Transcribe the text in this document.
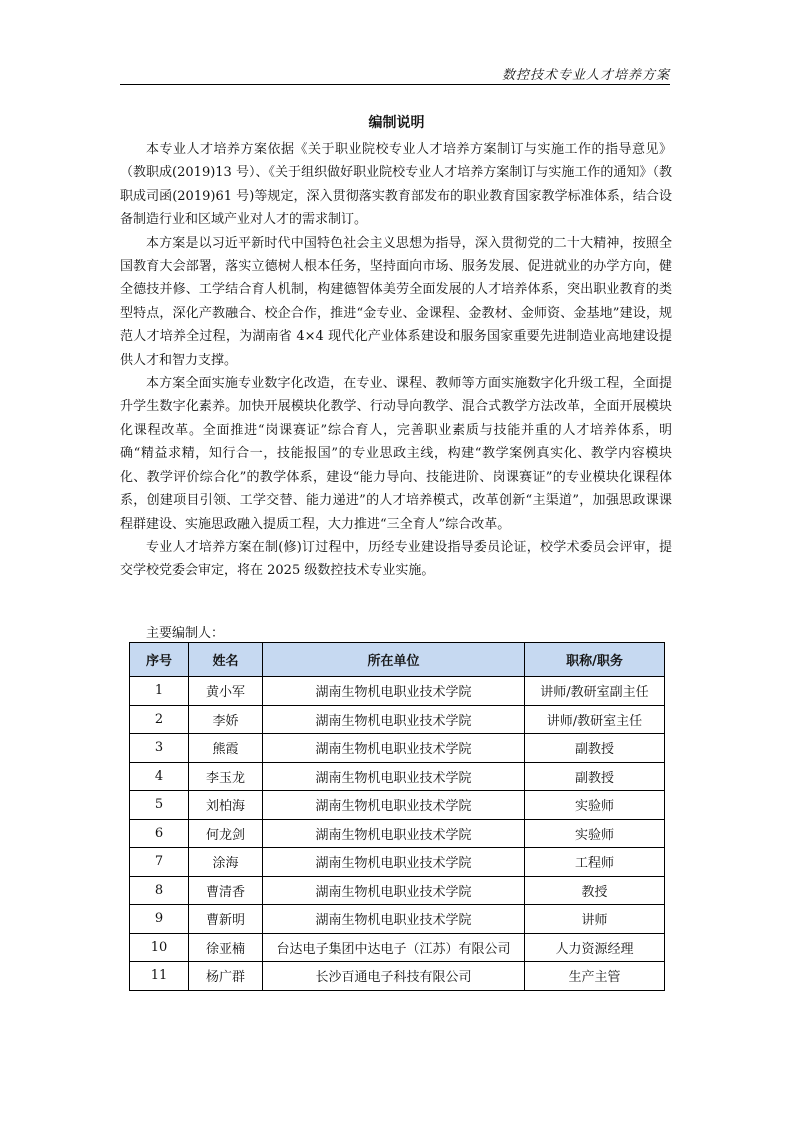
数控技术专业人才培养方案
编制说明

本专业人才培养方案依据《关于职业院校专业人才培养方案制订与实施工作的指导意见》（教职成(2019)13 号）、《关于组织做好职业院校专业人才培养方案制订与实施工作的通知》（教职成司函(2019)61 号)等规定，深入贯彻落实教育部发布的职业教育国家教学标准体系，结合设备制造行业和区域产业对人才的需求制订。

本方案是以习近平新时代中国特色社会主义思想为指导，深入贯彻党的二十大精神，按照全国教育大会部署，落实立德树人根本任务，坚持面向市场、服务发展、促进就业的办学方向，健全德技并修、工学结合育人机制，构建德智体美劳全面发展的人才培养体系，突出职业教育的类型特点，深化产教融合、校企合作，推进“金专业、金课程、金教材、金师资、金基地”建设，规范人才培养全过程，为湖南省 4×4 现代化产业体系建设和服务国家重要先进制造业高地建设提供人才和智力支撑。

本方案全面实施专业数字化改造，在专业、课程、教师等方面实施数字化升级工程，全面提升学生数字化素养。加快开展模块化教学、行动导向教学、混合式教学方法改革，全面开展模块化课程改革。全面推进“岗课赛证”综合育人，完善职业素质与技能并重的人才培养体系，明确“精益求精，知行合一，技能报国”的专业思政主线，构建“教学案例真实化、教学内容模块化、教学评价综合化”的教学体系，建设“能力导向、技能进阶、岗课赛证”的专业模块化课程体系，创建项目引领、工学交替、能力递进”的人才培养模式，改革创新“主渠道”，加强思政课课程群建设、实施思政融入提质工程，大力推进“三全育人”综合改革。

专业人才培养方案在制(修)订过程中，历经专业建设指导委员论证，校学术委员会评审，提交学校党委会审定，将在 2025 级数控技术专业实施。

主要编制人：
序号	姓名	所在单位	职称/职务
1	黄小军	湖南生物机电职业技术学院	讲师/教研室副主任
2	李娇	湖南生物机电职业技术学院	讲师/教研室主任
3	熊霞	湖南生物机电职业技术学院	副教授
4	李玉龙	湖南生物机电职业技术学院	副教授
5	刘柏海	湖南生物机电职业技术学院	实验师
6	何龙剑	湖南生物机电职业技术学院	实验师
7	涂海	湖南生物机电职业技术学院	工程师
8	曹清香	湖南生物机电职业技术学院	教授
9	曹新明	湖南生物机电职业技术学院	讲师
10	徐亚楠	台达电子集团中达电子（江苏）有限公司	人力资源经理
11	杨广群	长沙百通电子科技有限公司	生产主管
